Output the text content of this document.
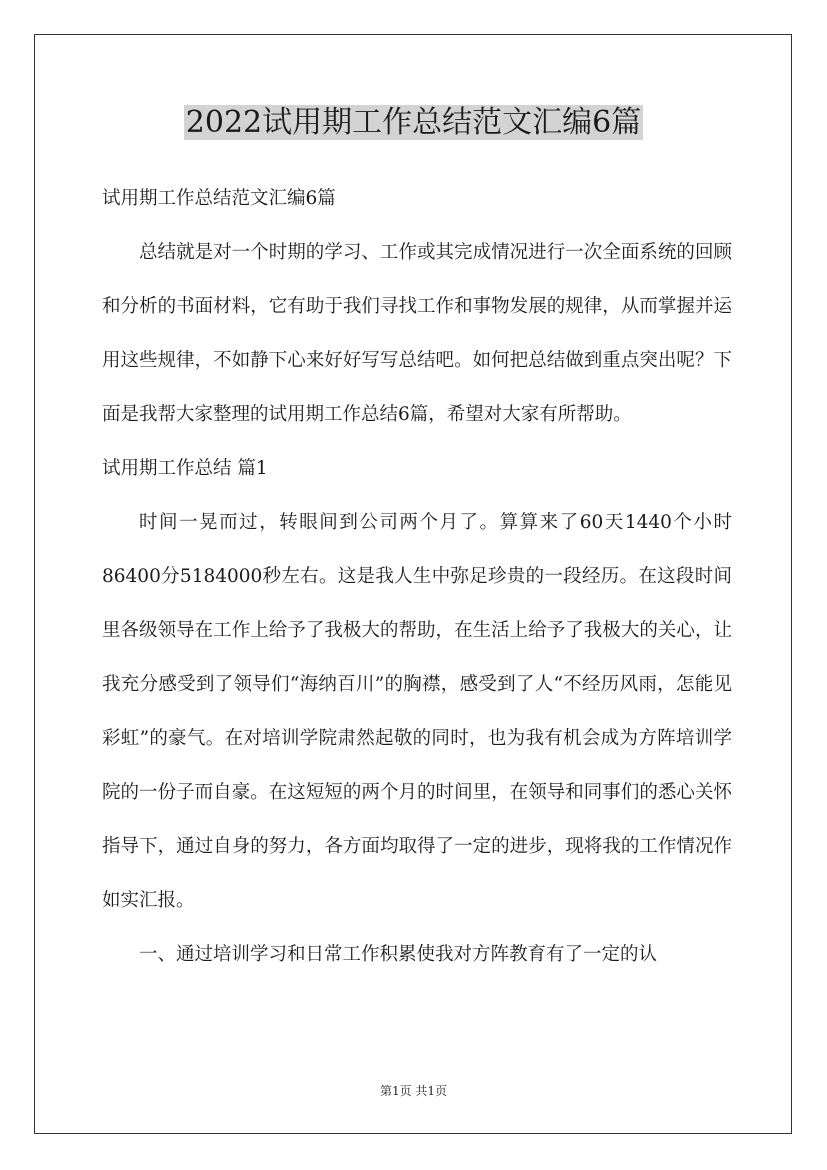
2022试用期工作总结范文汇编6篇

试用期工作总结范文汇编6篇

总结就是对一个时期的学习、工作或其完成情况进行一次全面系统的回顾和分析的书面材料，它有助于我们寻找工作和事物发展的规律，从而掌握并运用这些规律，不如静下心来好好写写总结吧。如何把总结做到重点突出呢？下面是我帮大家整理的试用期工作总结6篇，希望对大家有所帮助。

试用期工作总结 篇1

时间一晃而过，转眼间到公司两个月了。算算来了60天1440个小时86400分5184000秒左右。这是我人生中弥足珍贵的一段经历。在这段时间里各级领导在工作上给予了我极大的帮助，在生活上给予了我极大的关心，让我充分感受到了领导们“海纳百川”的胸襟，感受到了人“不经历风雨，怎能见彩虹”的豪气。在对培训学院肃然起敬的同时，也为我有机会成为方阵培训学院的一份子而自豪。在这短短的两个月的时间里，在领导和同事们的悉心关怀指导下，通过自身的努力，各方面均取得了一定的进步，现将我的工作情况作如实汇报。

一、通过培训学习和日常工作积累使我对方阵教育有了一定的认

第1页 共1页
